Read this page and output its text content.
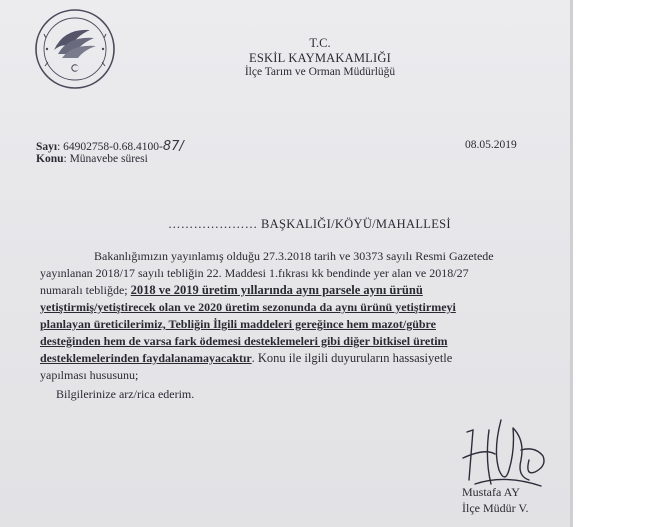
T.C.
ESKİL KAYMAKAMLIĞI
İlçe Tarım ve Orman Müdürlüğü
Sayı: 64902758-0.68.4100-87/	08.05.2019
Konu: Münavebe süresi
………………… BAŞKALIĞI/KÖYÜ/MAHALLESİ
Bakanlığımızın yayınlamış olduğu 27.3.2018 tarih ve 30373 sayılı Resmi Gazetede
yayınlanan 2018/17 sayılı tebliğin 22. Maddesi 1.fıkrası kk bendinde yer alan ve 2018/27
numaralı tebliğde; 2018 ve 2019 üretim yıllarında aynı parsele aynı ürünü
yetiştirmiş/yetiştirecek olan ve 2020 üretim sezonunda da aynı ürünü yetiştirmeyi
planlayan üreticilerimiz, Tebliğin İlgili maddeleri gereğince hem mazot/gübre
desteğinden hem de varsa fark ödemesi desteklemeleri gibi diğer bitkisel üretim
desteklemelerinden faydalanamayacaktır. Konu ile ilgili duyuruların hassasiyetle
yapılması hususunu;
Bilgilerinize arz/rica ederim.
Mustafa AY
İlçe Müdür V.
